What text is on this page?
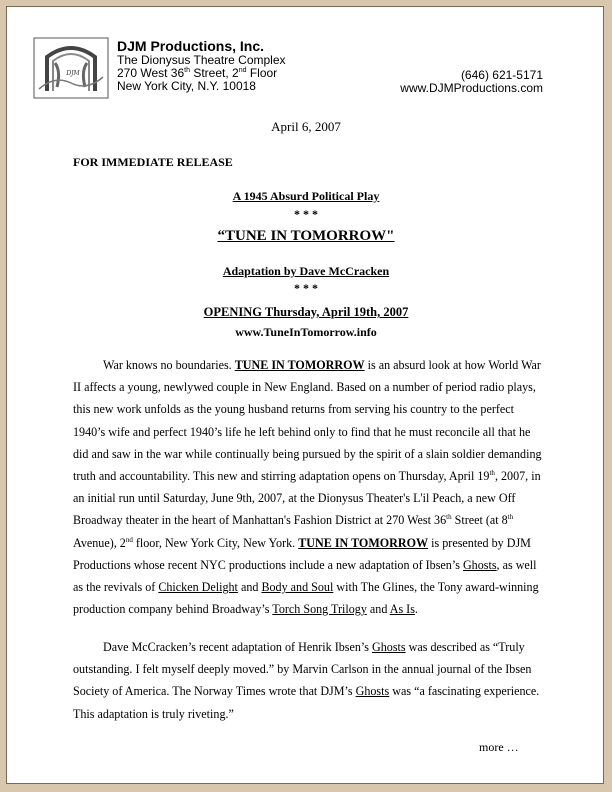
DJM
DJM Productions, Inc.
The Dionysus Theatre Complex
270 West 36th Street, 2nd Floor
New York City, N.Y. 10018
(646) 621-5171
www.DJMProductions.com
April 6, 2007
FOR IMMEDIATE RELEASE
A 1945 Absurd Political Play
* * *
“TUNE IN TOMORROW"
Adaptation by Dave McCracken
* * *
OPENING Thursday, April 19th, 2007
www.TuneInTomorrow.info

War knows no boundaries. TUNE IN TOMORROW is an absurd look at how World War II affects a young, newlywed couple in New England. Based on a number of period radio plays, this new work unfolds as the young husband returns from serving his country to the perfect 1940’s wife and perfect 1940’s life he left behind only to find that he must reconcile all that he did and saw in the war while continually being pursued by the spirit of a slain soldier demanding truth and accountability. This new and stirring adaptation opens on Thursday, April 19th, 2007, in an initial run until Saturday, June 9th, 2007, at the Dionysus Theater's L'il Peach, a new Off Broadway theater in the heart of Manhattan's Fashion District at 270 West 36th Street (at 8th Avenue), 2nd floor, New York City, New York. TUNE IN TOMORROW is presented by DJM Productions whose recent NYC productions include a new adaptation of Ibsen’s Ghosts, as well as the revivals of Chicken Delight and Body and Soul with The Glines, the Tony award-winning production company behind Broadway’s Torch Song Trilogy and As Is.

Dave McCracken’s recent adaptation of Henrik Ibsen’s Ghosts was described as “Truly outstanding. I felt myself deeply moved.” by Marvin Carlson in the annual journal of the Ibsen Society of America. The Norway Times wrote that DJM’s Ghosts was “a fascinating experience. This adaptation is truly riveting.”

more …
